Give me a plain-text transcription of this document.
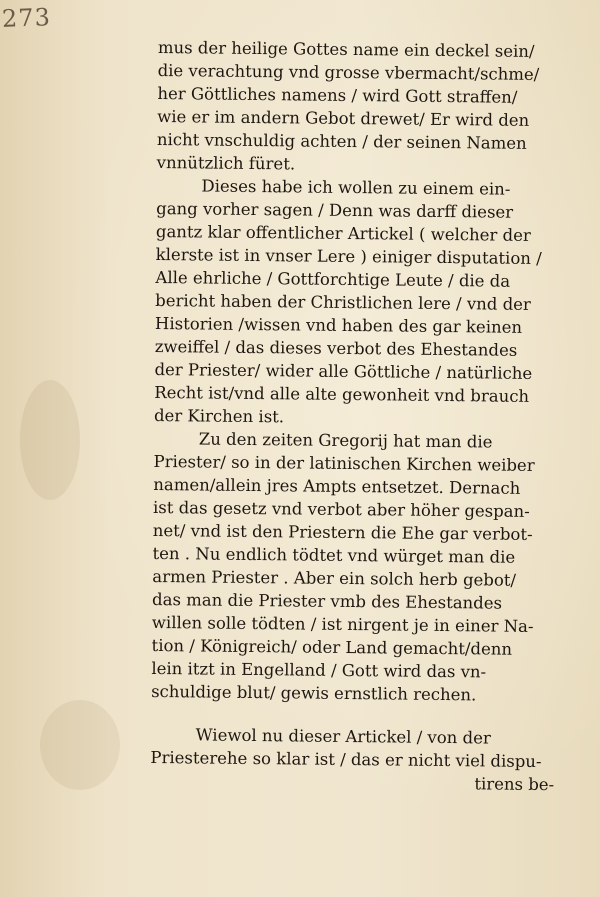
273
mus der heilige Gottes name ein deckel sein/
die verachtung vnd grosse vbermacht/schme/
her Göttliches namens / wird Gott straffen/
wie er im andern Gebot drewet/ Er wird den
nicht vnschuldig achten / der seinen Namen
vnnützlich füret.
Dieses habe ich wollen zu einem ein-
gang vorher sagen / Denn was darff dieser
gantz klar offentlicher Artickel ( welcher der
klerste ist in vnser Lere ) einiger disputation /
Alle ehrliche / Gottforchtige Leute / die da
bericht haben der Christlichen lere / vnd der
Historien /wissen vnd haben des gar keinen
zweiffel / das dieses verbot des Ehestandes
der Priester/ wider alle Göttliche / natürliche
Recht ist/vnd alle alte gewonheit vnd brauch
der Kirchen ist.
Zu den zeiten Gregorij hat man die
Priester/ so in der latinischen Kirchen weiber
namen/allein jres Ampts entsetzet. Dernach
ist das gesetz vnd verbot aber höher gespan-
net/ vnd ist den Priestern die Ehe gar verbot-
ten . Nu endlich tödtet vnd würget man die
armen Priester . Aber ein solch herb gebot/
das man die Priester vmb des Ehestandes
willen solle tödten / ist nirgent je in einer Na-
tion / Königreich/ oder Land gemacht/denn
lein itzt in Engelland / Gott wird das vn-
schuldige blut/ gewis ernstlich rechen.
Wiewol nu dieser Artickel / von der
Priesterehe so klar ist / das er nicht viel dispu-
tirens be-
